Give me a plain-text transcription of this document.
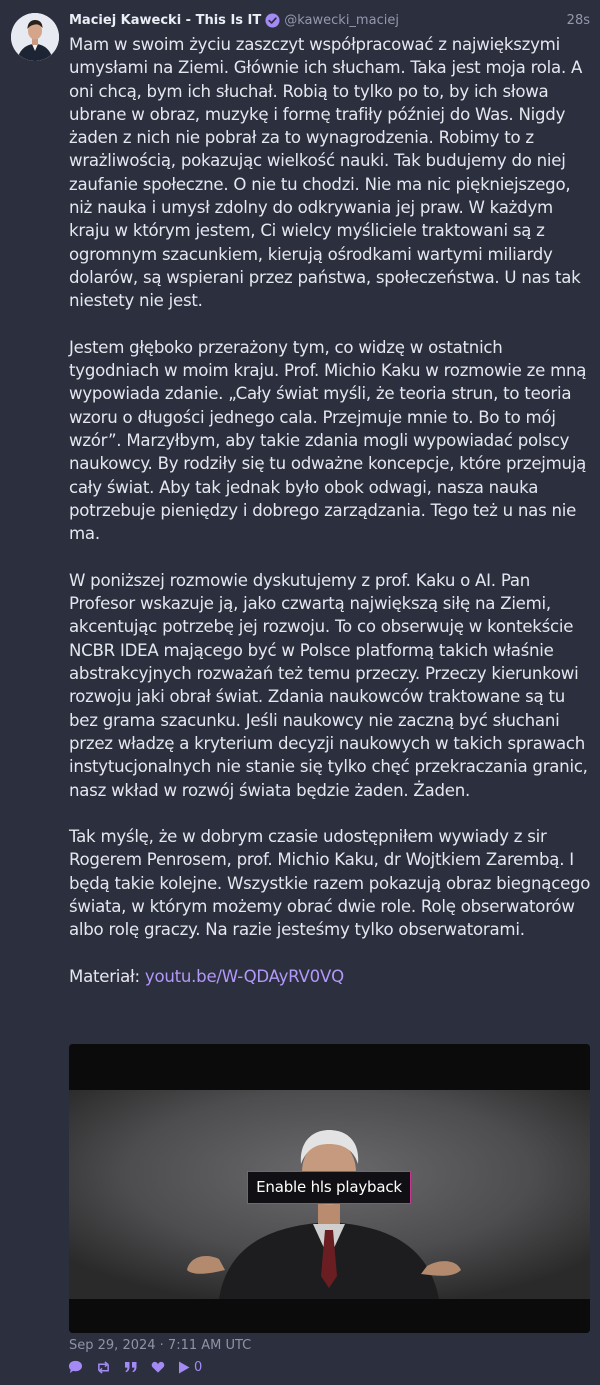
Maciej Kawecki - This Is IT @kawecki_maciej	28s

Mam w swoim życiu zaszczyt współpracować z największymi umysłami na Ziemi. Głównie ich słucham. Taka jest moja rola. A oni chcą, bym ich słuchał. Robią to tylko po to, by ich słowa ubrane w obraz, muzykę i formę trafiły później do Was. Nigdy żaden z nich nie pobrał za to wynagrodzenia. Robimy to z wrażliwością, pokazując wielkość nauki. Tak budujemy do niej zaufanie społeczne. O nie tu chodzi. Nie ma nic piękniejszego, niż nauka i umysł zdolny do odkrywania jej praw. W każdym kraju w którym jestem, Ci wielcy myśliciele traktowani są z ogromnym szacunkiem, kierują ośrodkami wartymi miliardy dolarów, są wspierani przez państwa, społeczeństwa. U nas tak niestety nie jest.

Jestem głęboko przerażony tym, co widzę w ostatnich tygodniach w moim kraju. Prof. Michio Kaku w rozmowie ze mną wypowiada zdanie. „Cały świat myśli, że teoria strun, to teoria wzoru o długości jednego cala. Przejmuje mnie to. Bo to mój wzór”. Marzyłbym, aby takie zdania mogli wypowiadać polscy naukowcy. By rodziły się tu odważne koncepcje, które przejmują cały świat. Aby tak jednak było obok odwagi, nasza nauka potrzebuje pieniędzy i dobrego zarządzania. Tego też u nas nie ma.

W poniższej rozmowie dyskutujemy z prof. Kaku o AI. Pan Profesor wskazuje ją, jako czwartą największą siłę na Ziemi, akcentując potrzebę jej rozwoju. To co obserwuję w kontekście NCBR IDEA mającego być w Polsce platformą takich właśnie abstrakcyjnych rozważań też temu przeczy. Przeczy kierunkowi rozwoju jaki obrał świat. Zdania naukowców traktowane są tu bez grama szacunku. Jeśli naukowcy nie zaczną być słuchani przez władzę a kryterium decyzji naukowych w takich sprawach instytucjonalnych nie stanie się tylko chęć przekraczania granic, nasz wkład w rozwój świata będzie żaden. Żaden.

Tak myślę, że w dobrym czasie udostępniłem wywiady z sir Rogerem Penrosem, prof. Michio Kaku, dr Wojtkiem Zarembą. I będą takie kolejne. Wszystkie razem pokazują obraz biegnącego świata, w którym możemy obrać dwie role. Rolę obserwatorów albo rolę graczy. Na razie jesteśmy tylko obserwatorami.

Materiał: youtu.be/W-QDAyRV0VQ

Enable hls playback
Sep 29, 2024 · 7:11 AM UTC
0
